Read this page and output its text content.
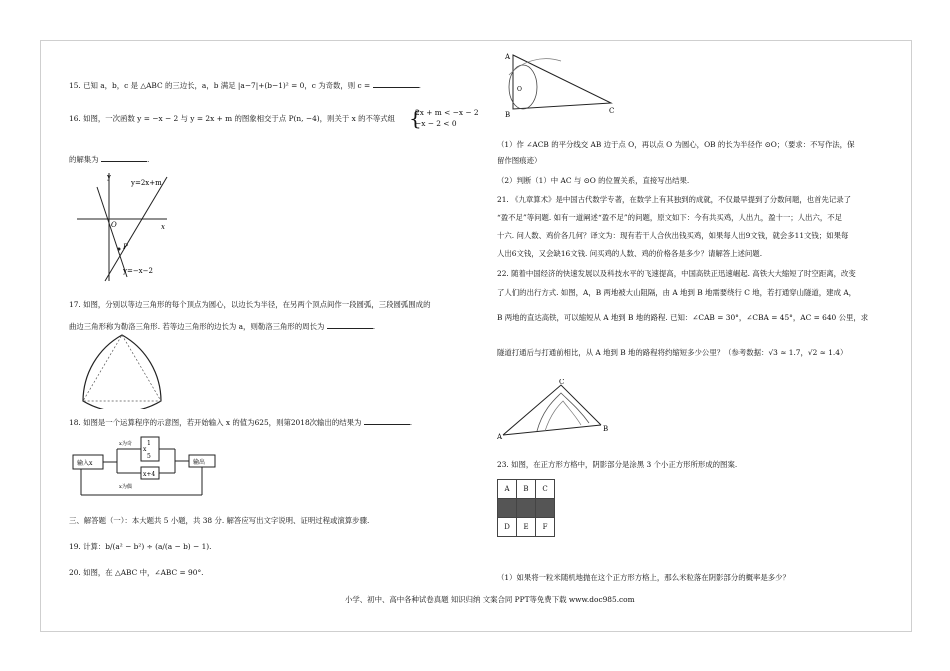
15. 已知 a，b，c 是 △ABC 的三边长，a，b 满足 |a−7|+(b−1)² = 0，c 为奇数，则 c =	.
16. 如图，一次函数 y = −x − 2 与 y = 2x + m 的图象相交于点 P(n, −4)，则关于 x 的不等式组 {
2x + m < −x − 2
−x − 2 < 0
的解集为	.
y
x
O
P
y=2x+m
y=−x−2
17. 如图，分别以等边三角形的每个顶点为圆心，以边长为半径，在另两个顶点间作一段圆弧，三段圆弧围成的
曲边三角形称为勒洛三角形. 若等边三角形的边长为 a，则勒洛三角形的周长为	.
18. 如图是一个运算程序的示意图，若开始输入 x 的值为625，则第2018次输出的结果为	.
输入x
x为奇	1
x
5
x+4
输出
x为偶
三、解答题（一）：本大题共 5 小题，共 38 分. 解答应写出文字说明、证明过程或演算步骤.
19. 计算：b/(a² − b²) ÷ (a/(a − b) − 1).
20. 如图，在 △ABC 中，∠ABC = 90°.
A
B	C
O
（1）作 ∠ACB 的平分线交 AB 边于点 O，再以点 O 为圆心，OB 的长为半径作 ⊙O；（要求：不写作法，保
留作图痕迹）
（2）判断（1）中 AC 与 ⊙O 的位置关系，直接写出结果.
21. 《九章算术》是中国古代数学专著，在数学上有其独到的成就，不仅最早提到了分数问题，也首先记录了
“盈不足”等问题. 如有一道阐述“盈不足”的问题，原文如下：今有共买鸡，人出九，盈十一；人出六，不足
十六. 问人数、鸡价各几何？译文为：现有若干人合伙出钱买鸡，如果每人出9文钱，就会多11文钱；如果每
人出6文钱，又会缺16文钱. 问买鸡的人数、鸡的价格各是多少？请解答上述问题.
22. 随着中国经济的快速发展以及科技水平的飞速提高，中国高铁正迅速崛起. 高铁大大缩短了时空距离，改变
了人们的出行方式. 如图，A，B 两地被大山阻隔，由 A 地到 B 地需要绕行 C 地，若打通穿山隧道，建成 A，
B 两地的直达高铁，可以缩短从 A 地到 B 地的路程. 已知：∠CAB = 30°，∠CBA = 45°，AC = 640 公里，求
隧道打通后与打通前相比，从 A 地到 B 地的路程将约缩短多少公里？（参考数据：√3 ≈ 1.7，√2 ≈ 1.4）
A
B
C
23. 如图，在正方形方格中，阴影部分是涂黑 3 个小正方形所形成的图案.
A	B	C

D	E	F
（1）如果将一粒米随机地抛在这个正方形方格上，那么米粒落在阴影部分的概率是多少？
小学、初中、高中各种试卷真题 知识归纳 文案合同 PPT等免费下载 www.doc985.com
